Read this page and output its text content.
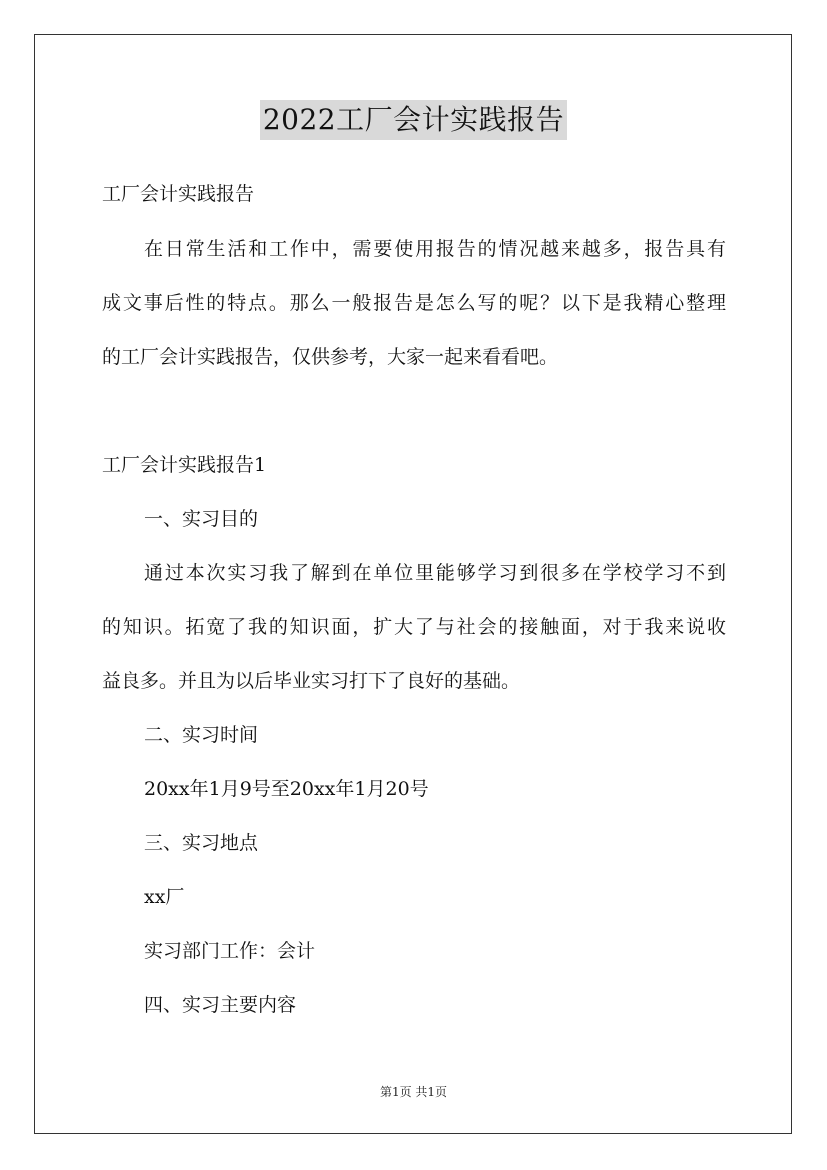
2022工厂会计实践报告
工厂会计实践报告
在日常生活和工作中，需要使用报告的情况越来越多，报告具有
成文事后性的特点。那么一般报告是怎么写的呢？以下是我精心整理
的工厂会计实践报告，仅供参考，大家一起来看看吧。
工厂会计实践报告1
一、实习目的
通过本次实习我了解到在单位里能够学习到很多在学校学习不到
的知识。拓宽了我的知识面，扩大了与社会的接触面，对于我来说收
益良多。并且为以后毕业实习打下了良好的基础。
二、实习时间
20xx年1月9号至20xx年1月20号
三、实习地点
xx厂
实习部门工作：会计
四、实习主要内容
第1页 共1页
